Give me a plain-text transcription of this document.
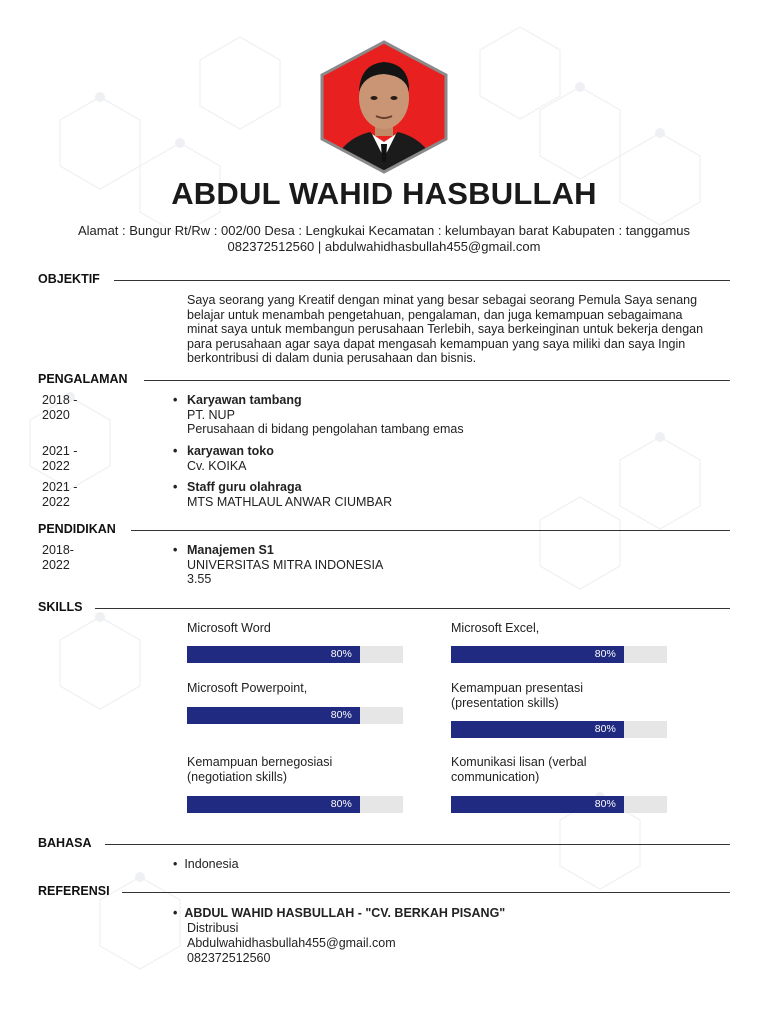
ABDUL WAHID HASBULLAH
Alamat : Bungur Rt/Rw : 002/00 Desa : Lengkukai Kecamatan : kelumbayan barat Kabupaten : tanggamus
082372512560 | abdulwahidhasbullah455@gmail.com
OBJEKTIF
Saya seorang yang Kreatif dengan minat yang besar sebagai seorang Pemula Saya senang belajar untuk menambah pengetahuan, pengalaman, dan juga kemampuan sebagaimana minat saya untuk membangun perusahaan Terlebih, saya berkeinginan untuk bekerja dengan para perusahaan agar saya dapat mengasah kemampuan yang saya miliki dan saya Ingin berkontribusi di dalam dunia perusahaan dan bisnis.
PENGALAMAN
2018 -
2020
• Karyawan tambang
PT. NUP
Perusahaan di bidang pengolahan tambang emas
2021 -
2022
• karyawan toko
Cv. KOIKA
2021 -
2022
• Staff guru olahraga
MTS MATHLAUL ANWAR CIUMBAR
PENDIDIKAN
2018-
2022
• Manajemen S1
UNIVERSITAS MITRA INDONESIA
3.55
SKILLS
Microsoft Word
80%
Microsoft Excel,
80%
Microsoft Powerpoint,
80%
Kemampuan presentasi
(presentation skills)
80%
Kemampuan bernegosiasi
(negotiation skills)
80%
Komunikasi lisan (verbal
communication)
80%
BAHASA
•  Indonesia
REFERENSI
•  ABDUL WAHID HASBULLAH - "CV. BERKAH PISANG"
Distribusi
Abdulwahidhasbullah455@gmail.com
082372512560
